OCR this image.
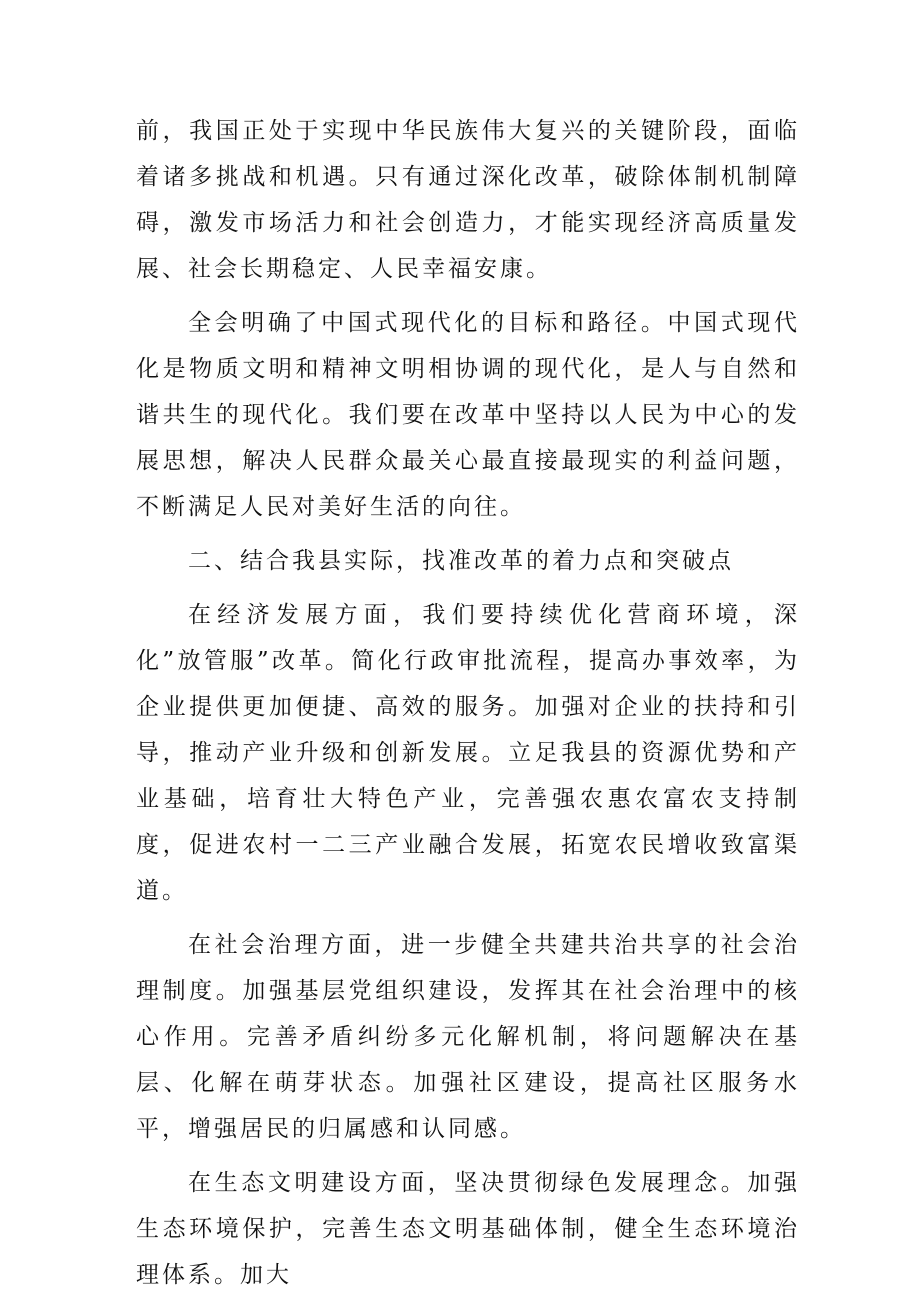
前，我国正处于实现中华民族伟大复兴的关键阶段，面临着诸多挑战和机遇。只有通过深化改革，破除体制机制障碍，激发市场活力和社会创造力，才能实现经济高质量发展、社会长期稳定、人民幸福安康。

全会明确了中国式现代化的目标和路径。中国式现代化是物质文明和精神文明相协调的现代化，是人与自然和谐共生的现代化。我们要在改革中坚持以人民为中心的发展思想，解决人民群众最关心最直接最现实的利益问题，不断满足人民对美好生活的向往。

二、结合我县实际，找准改革的着力点和突破点

在经济发展方面，我们要持续优化营商环境，深化”放管服”改革。简化行政审批流程，提高办事效率，为企业提供更加便捷、高效的服务。加强对企业的扶持和引导，推动产业升级和创新发展。立足我县的资源优势和产业基础，培育壮大特色产业，完善强农惠农富农支持制度，促进农村一二三产业融合发展，拓宽农民增收致富渠道。

在社会治理方面，进一步健全共建共治共享的社会治理制度。加强基层党组织建设，发挥其在社会治理中的核心作用。完善矛盾纠纷多元化解机制，将问题解决在基层、化解在萌芽状态。加强社区建设，提高社区服务水平，增强居民的归属感和认同感。

在生态文明建设方面，坚决贯彻绿色发展理念。加强生态环境保护，完善生态文明基础体制，健全生态环境治理体系。加大
